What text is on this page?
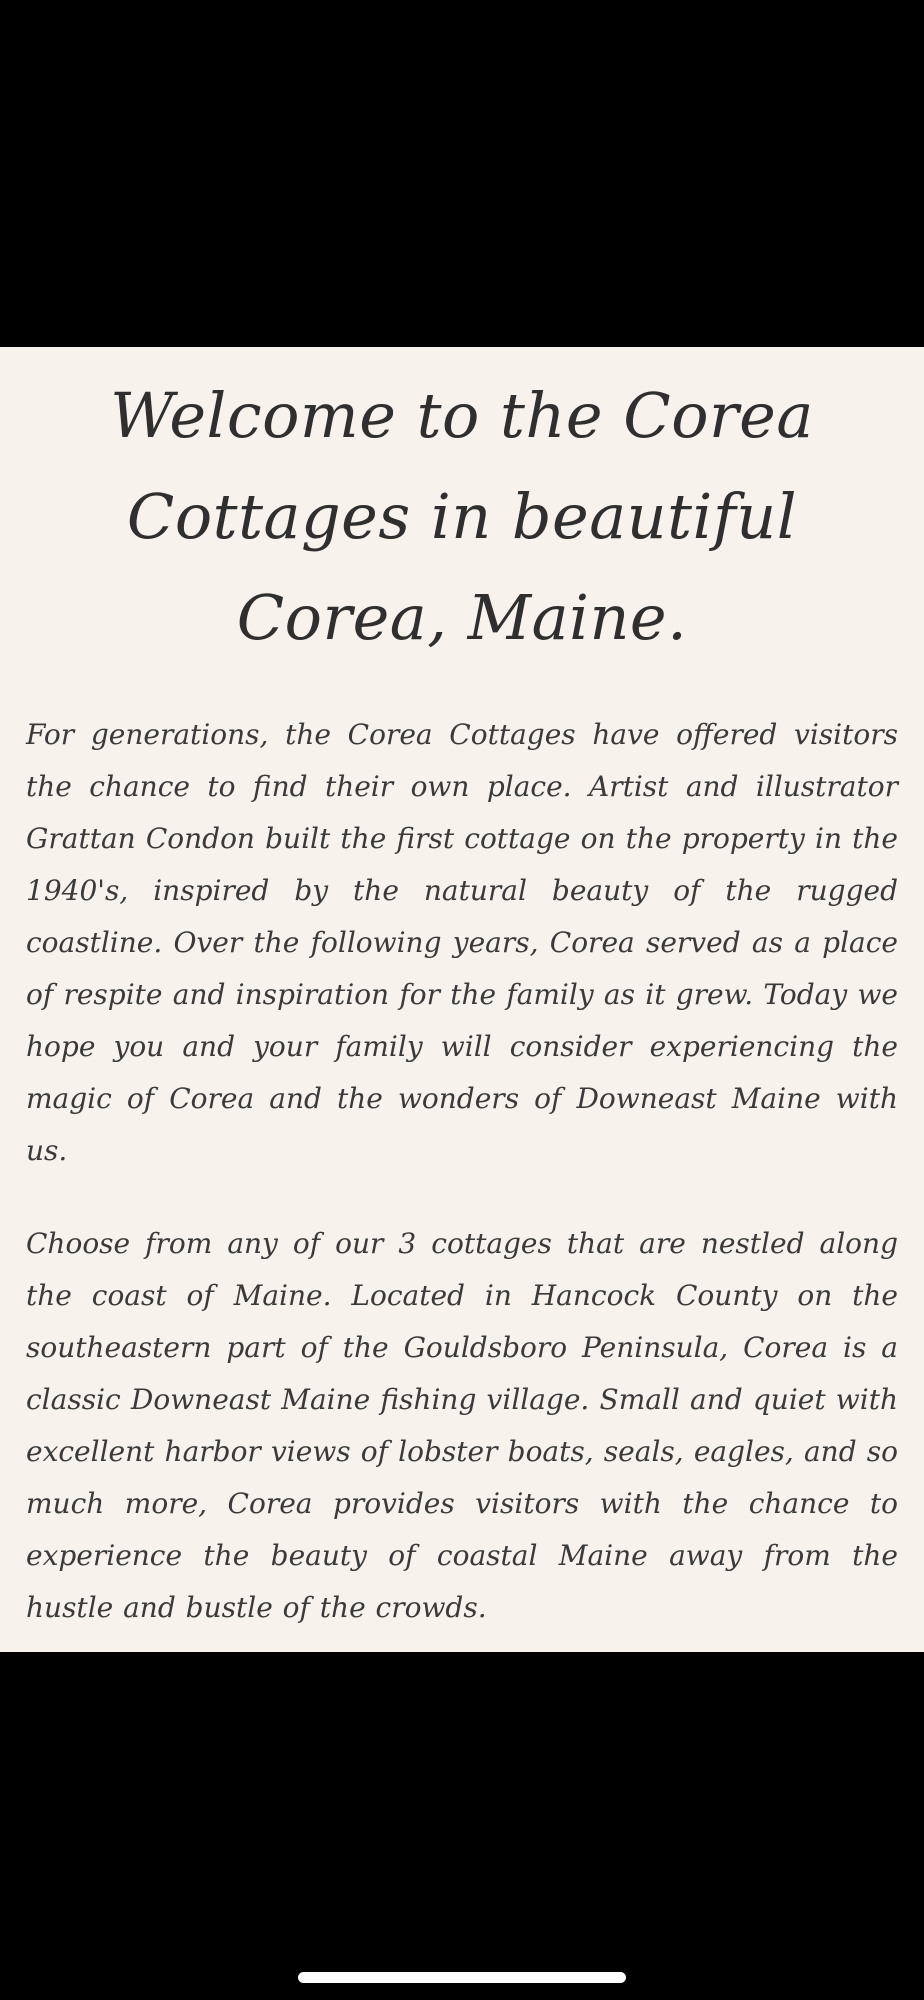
Welcome to the Corea Cottages in beautiful Corea, Maine.

For generations, the Corea Cottages have offered visitors the chance to find their own place. Artist and illustrator Grattan Condon built the first cottage on the property in the 1940's, inspired by the natural beauty of the rugged coastline. Over the following years, Corea served as a place of respite and inspiration for the family as it grew. Today we hope you and your family will consider experiencing the magic of Corea and the wonders of Downeast Maine with us.

Choose from any of our 3 cottages that are nestled along the coast of Maine. Located in Hancock County on the southeastern part of the Gouldsboro Peninsula, Corea is a classic Downeast Maine fishing village. Small and quiet with excellent harbor views of lobster boats, seals, eagles, and so much more, Corea provides visitors with the chance to experience the beauty of coastal Maine away from the hustle and bustle of the crowds.
